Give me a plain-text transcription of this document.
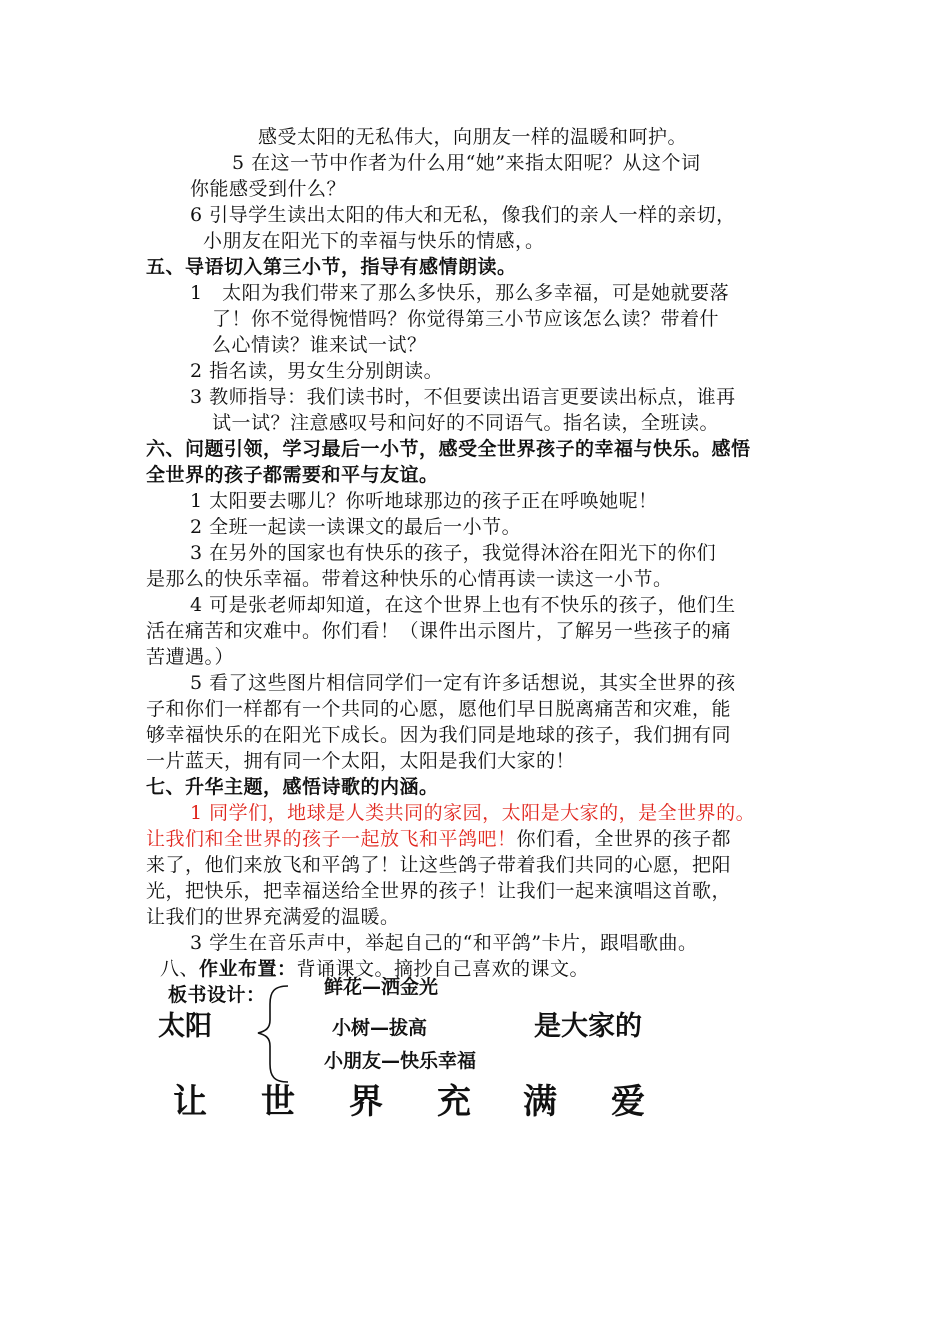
感受太阳的无私伟大，向朋友一样的温暖和呵护。
5 在这一节中作者为什么用“她”来指太阳呢？从这个词
你能感受到什么？
6 引导学生读出太阳的伟大和无私，像我们的亲人一样的亲切，
小朋友在阳光下的幸福与快乐的情感，。
五、导语切入第三小节，指导有感情朗读。
1　太阳为我们带来了那么多快乐，那么多幸福，可是她就要落
了！你不觉得惋惜吗？你觉得第三小节应该怎么读？带着什
么心情读？谁来试一试？
2 指名读，男女生分别朗读。
3 教师指导：我们读书时，不但要读出语言更要读出标点，谁再
试一试？注意感叹号和问好的不同语气。指名读，全班读。
六、问题引领，学习最后一小节，感受全世界孩子的幸福与快乐。感悟
全世界的孩子都需要和平与友谊。
1 太阳要去哪儿？你听地球那边的孩子正在呼唤她呢！
2 全班一起读一读课文的最后一小节。
3 在另外的国家也有快乐的孩子，我觉得沐浴在阳光下的你们
是那么的快乐幸福。带着这种快乐的心情再读一读这一小节。
4 可是张老师却知道，在这个世界上也有不快乐的孩子，他们生
活在痛苦和灾难中。你们看！（课件出示图片，了解另一些孩子的痛
苦遭遇。）
5 看了这些图片相信同学们一定有许多话想说，其实全世界的孩
子和你们一样都有一个共同的心愿，愿他们早日脱离痛苦和灾难，能
够幸福快乐的在阳光下成长。因为我们同是地球的孩子，我们拥有同
一片蓝天，拥有同一个太阳，太阳是我们大家的！
七、升华主题，感悟诗歌的内涵。
1 同学们，地球是人类共同的家园，太阳是大家的，是全世界的。
让我们和全世界的孩子一起放飞和平鸽吧！你们看，全世界的孩子都
来了，他们来放飞和平鸽了！让这些鸽子带着我们共同的心愿，把阳
光，把快乐，把幸福送给全世界的孩子！让我们一起来演唱这首歌，
让我们的世界充满爱的温暖。
3 学生在音乐声中，举起自己的“和平鸽”卡片，跟唱歌曲。
八、作业布置：背诵课文。摘抄自己喜欢的课文。
板书设计：
太阳
鲜花—洒金光
小树—拔高
小朋友—快乐幸福
是大家的
让 世 界 充 满 爱
